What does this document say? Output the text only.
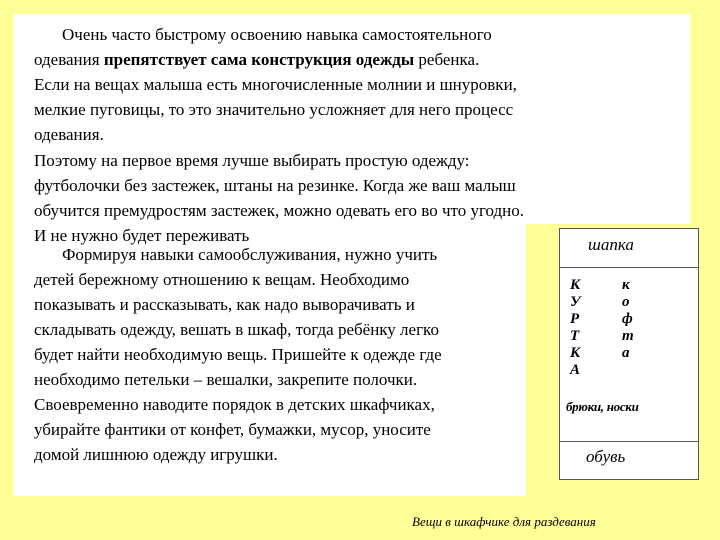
Очень часто быстрому освоению навыка самостоятельного
одевания препятствует сама конструкция одежды ребенка.
Если на вещах малыша есть многочисленные молнии и шнуровки,
мелкие пуговицы, то это значительно усложняет для него процесс
одевания.
Поэтому на первое время лучше выбирать простую одежду:
футболочки без застежек, штаны на резинке. Когда же ваш малыш
обучится премудростям застежек, можно одевать его во что угодно.
И не нужно будет переживать
Формируя навыки самообслуживания, нужно учить
детей бережному отношению к вещам. Необходимо
показывать и рассказывать, как надо выворачивать и
складывать одежду, вешать в шкаф, тогда ребёнку легко
будет найти необходимую вещь. Пришейте к одежде где
необходимо петельки – вешалки, закрепите полочки.
Своевременно наводите порядок в детских шкафчиках,
убирайте фантики от конфет, бумажки, мусор, уносите
домой лишнюю одежду игрушки.
шапка
К
У
Р
Т
К
А
к
о
ф
т
а
брюки, носки
обувь
Вещи в шкафчике для раздевания
